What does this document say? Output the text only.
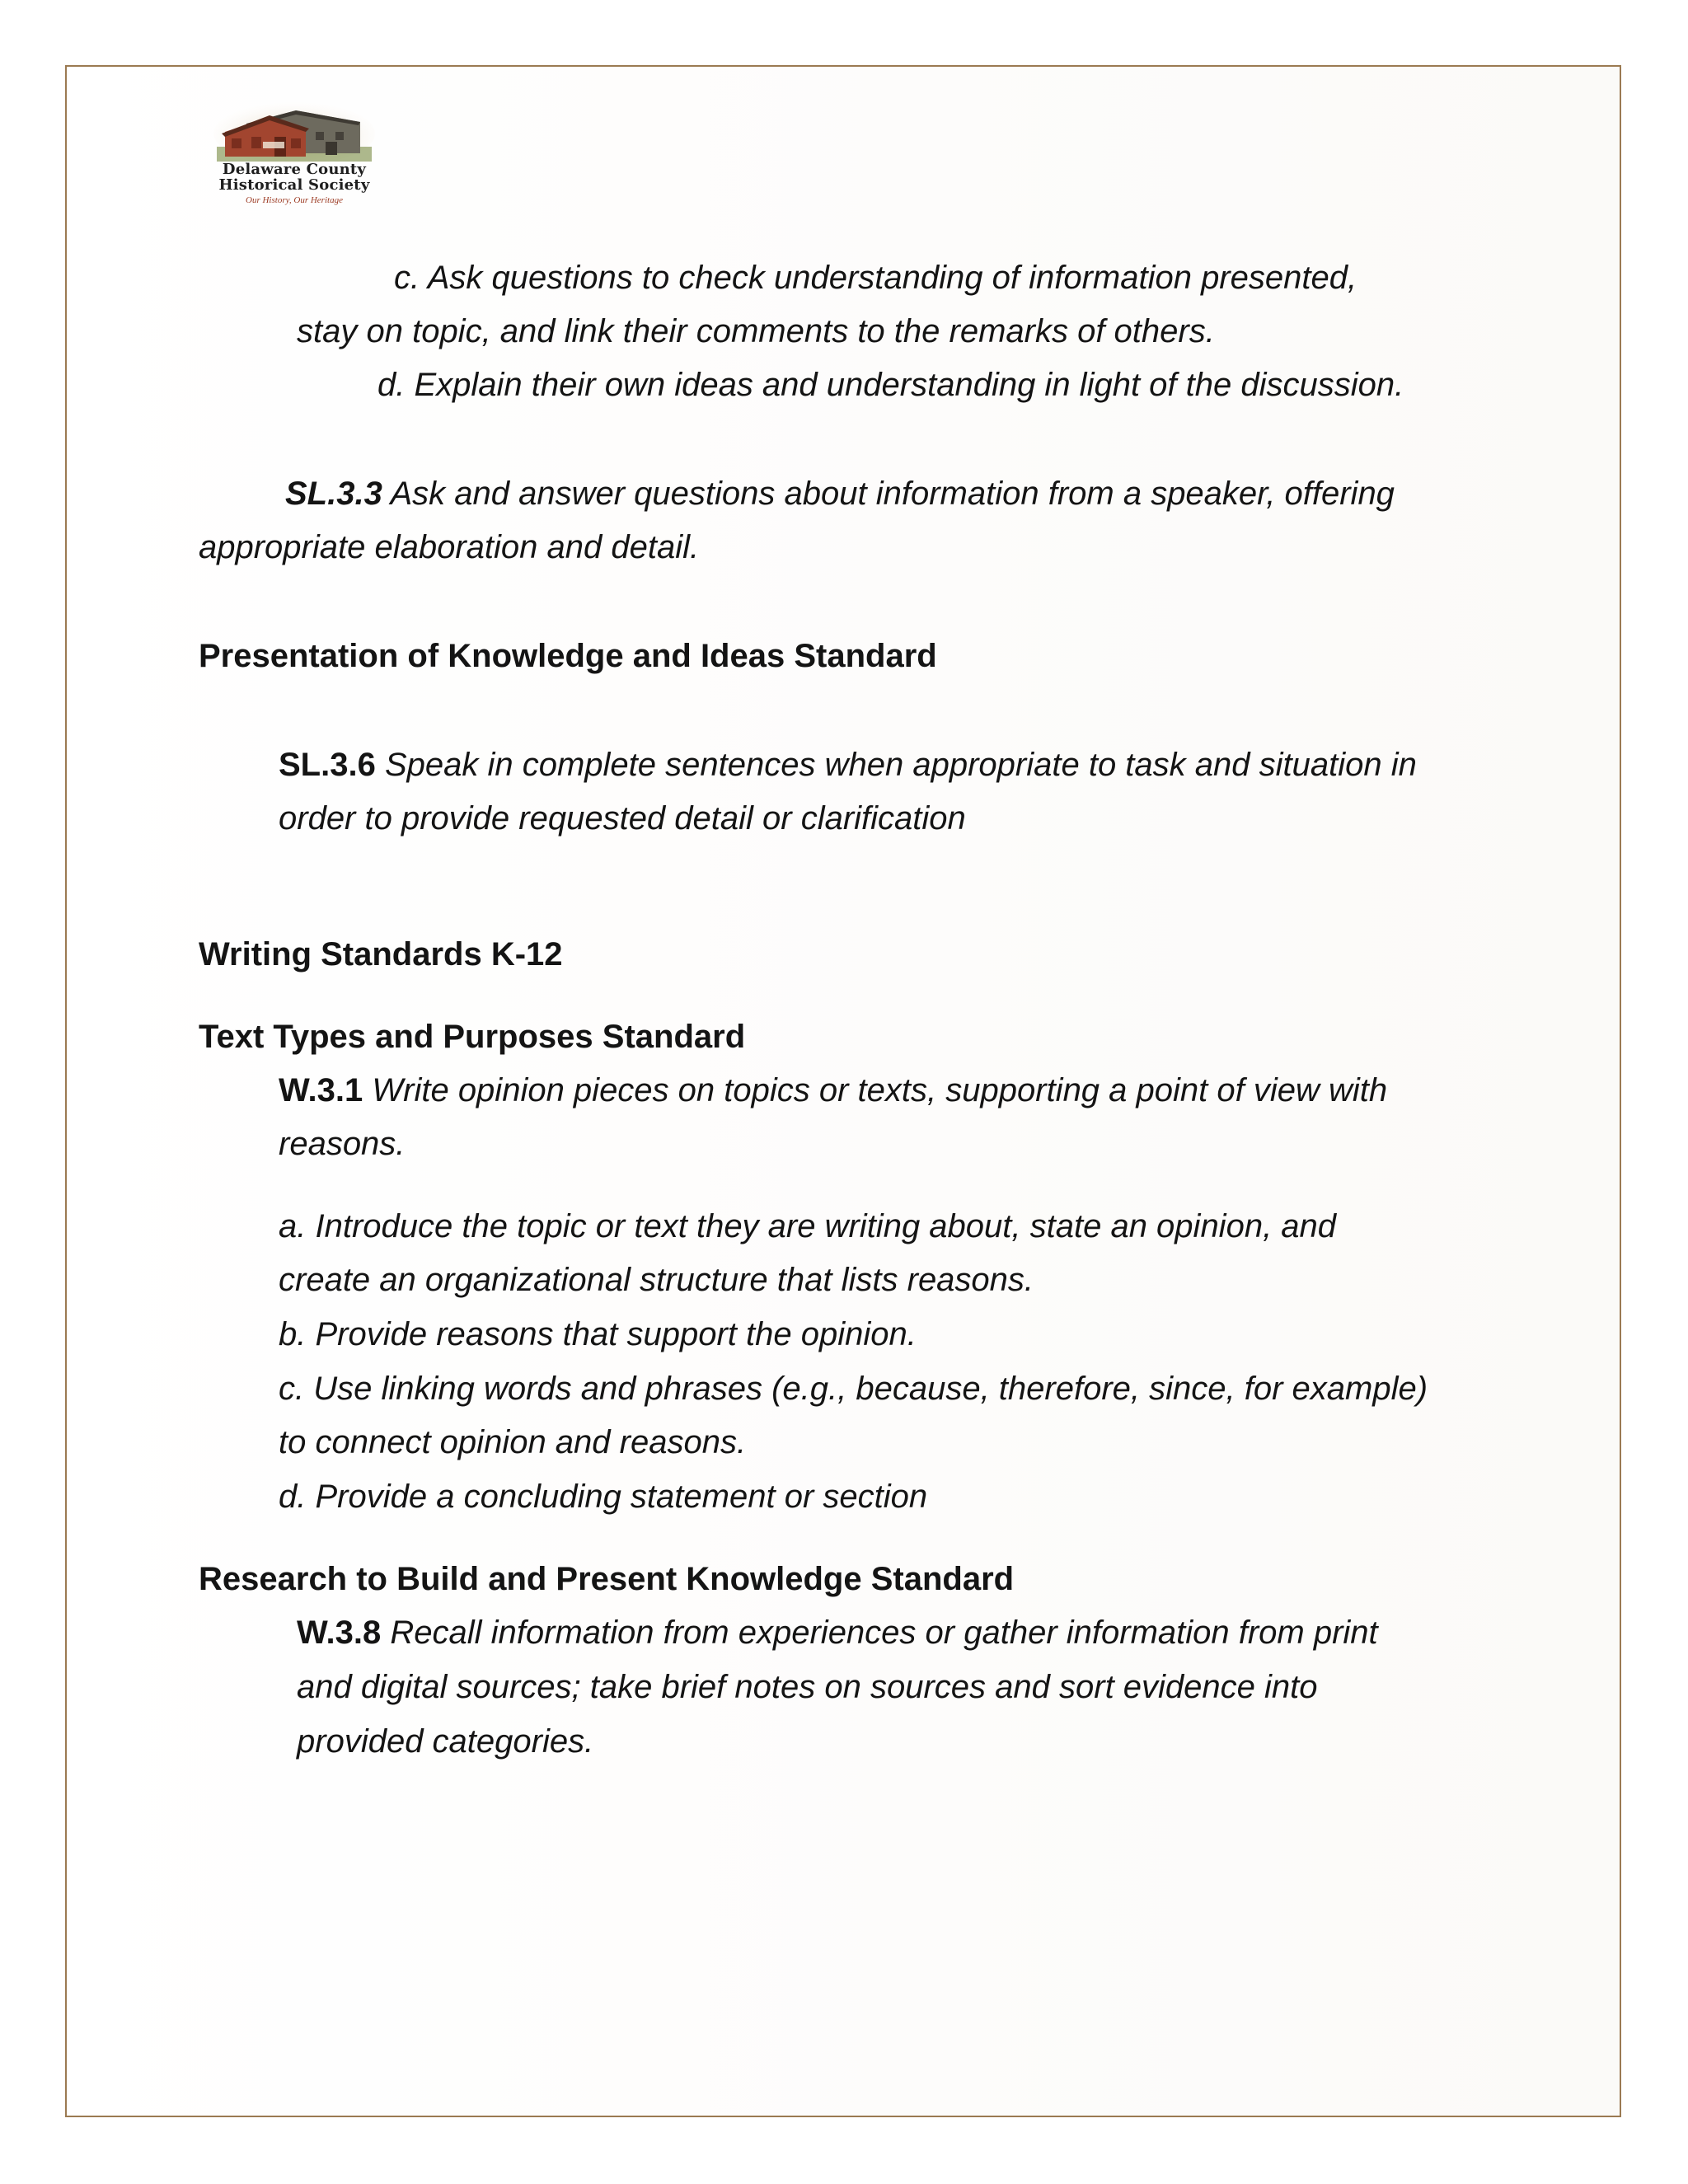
Delaware County
Historical Society
Our History, Our Heritage
c. Ask questions to check understanding of information presented,
stay on topic, and link their comments to the remarks of others.
d. Explain their own ideas and understanding in light of the discussion.
SL.3.3 Ask and answer questions about information from a speaker, offering
appropriate elaboration and detail.
Presentation of Knowledge and Ideas Standard
SL.3.6 Speak in complete sentences when appropriate to task and situation in
order to provide requested detail or clarification
Writing Standards K-12
Text Types and Purposes Standard
W.3.1 Write opinion pieces on topics or texts, supporting a point of view with
reasons.
a. Introduce the topic or text they are writing about, state an opinion, and
create an organizational structure that lists reasons.
b. Provide reasons that support the opinion.
c. Use linking words and phrases (e.g., because, therefore, since, for example)
to connect opinion and reasons.
d. Provide a concluding statement or section
Research to Build and Present Knowledge Standard
W.3.8 Recall information from experiences or gather information from print
and digital sources; take brief notes on sources and sort evidence into
provided categories.
